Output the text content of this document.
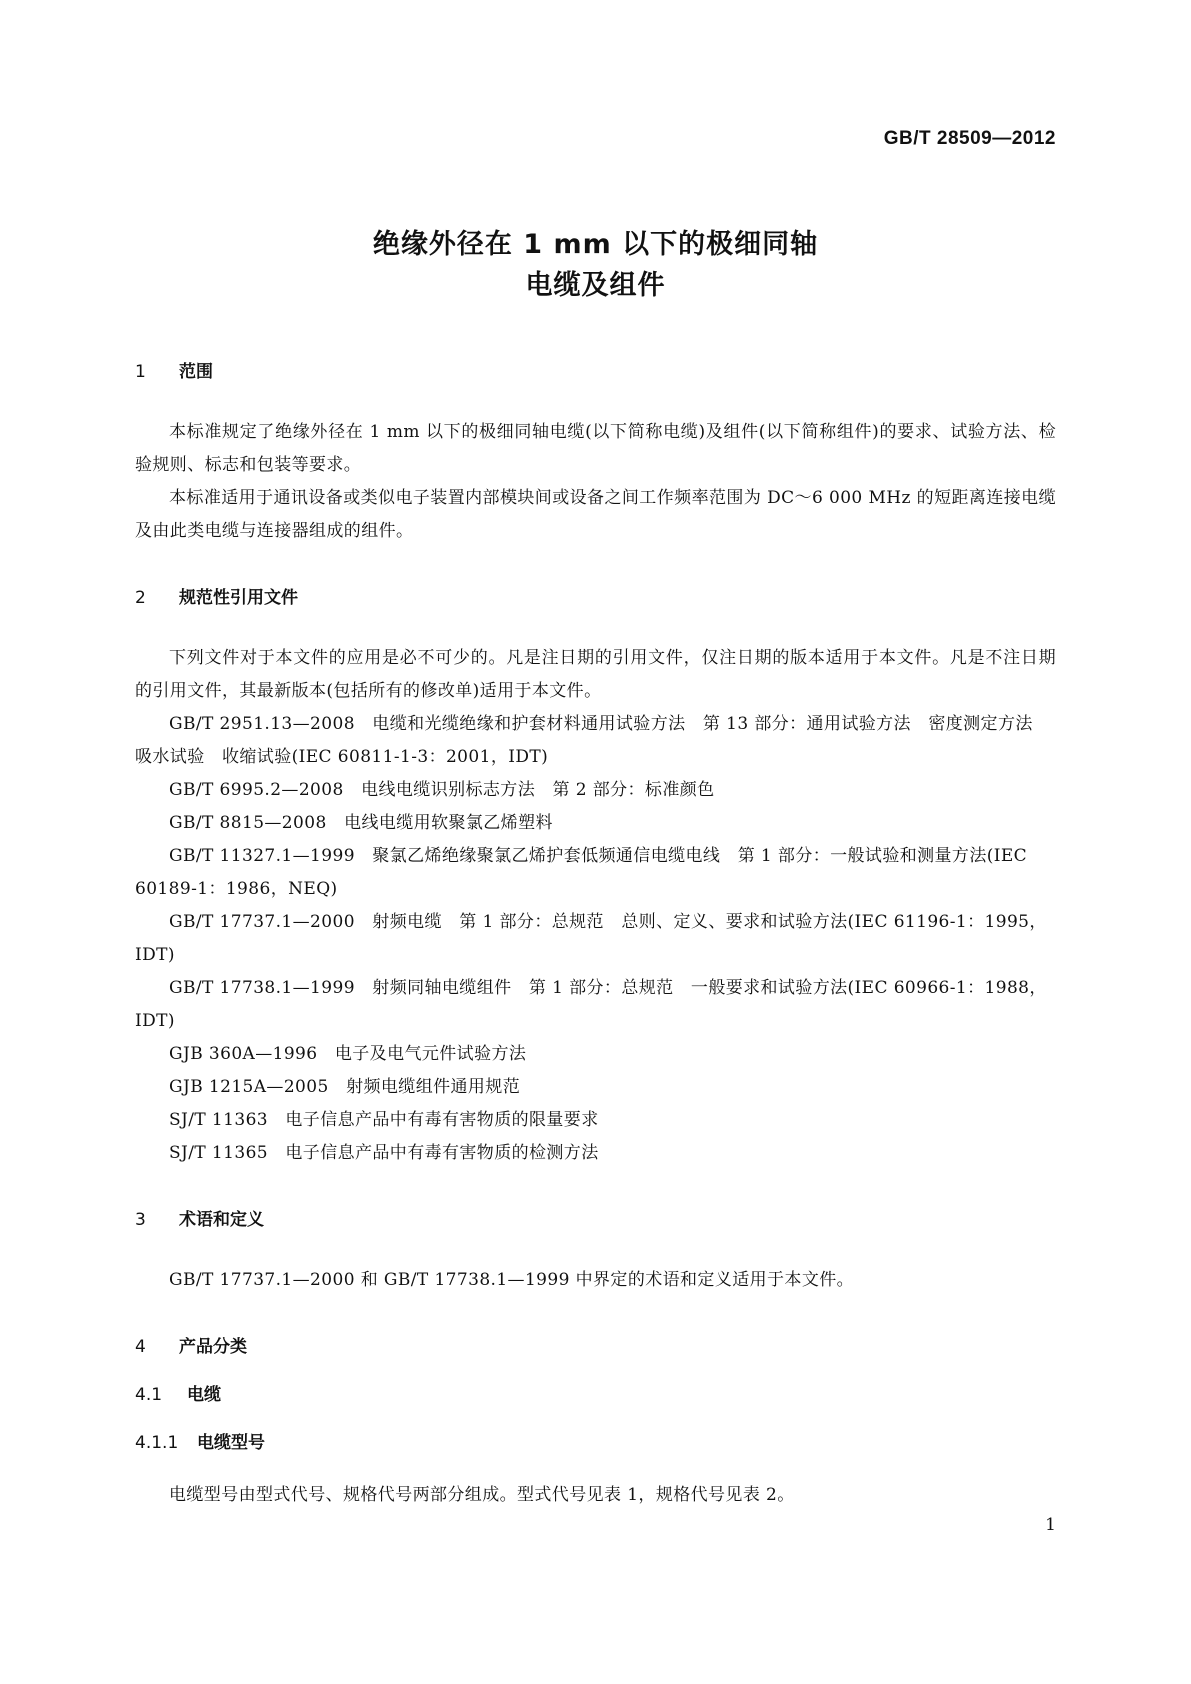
GB/T 28509—2012

绝缘外径在 1 mm 以下的极细同轴
电缆及组件
1 范围

本标准规定了绝缘外径在 1 mm 以下的极细同轴电缆(以下简称电缆)及组件(以下简称组件)的要求、试验方法、检验规则、标志和包装等要求。

本标准适用于通讯设备或类似电子装置内部模块间或设备之间工作频率范围为 DC～6 000 MHz 的短距离连接电缆及由此类电缆与连接器组成的组件。

2 规范性引用文件

下列文件对于本文件的应用是必不可少的。凡是注日期的引用文件，仅注日期的版本适用于本文件。凡是不注日期的引用文件，其最新版本(包括所有的修改单)适用于本文件。

GB/T 2951.13—2008　电缆和光缆绝缘和护套材料通用试验方法　第 13 部分：通用试验方法　密度测定方法　吸水试验　收缩试验(IEC 60811-1-3：2001，IDT)

GB/T 6995.2—2008　电线电缆识别标志方法　第 2 部分：标准颜色

GB/T 8815—2008　电线电缆用软聚氯乙烯塑料

GB/T 11327.1—1999　聚氯乙烯绝缘聚氯乙烯护套低频通信电缆电线　第 1 部分：一般试验和测量方法(IEC 60189-1：1986，NEQ)

GB/T 17737.1—2000　射频电缆　第 1 部分：总规范　总则、定义、要求和试验方法(IEC 61196-1：1995，IDT)

GB/T 17738.1—1999　射频同轴电缆组件　第 1 部分：总规范　一般要求和试验方法(IEC 60966-1：1988，IDT)

GJB 360A—1996　电子及电气元件试验方法

GJB 1215A—2005　射频电缆组件通用规范

SJ/T 11363　电子信息产品中有毒有害物质的限量要求

SJ/T 11365　电子信息产品中有毒有害物质的检测方法

3 术语和定义

GB/T 17737.1—2000 和 GB/T 17738.1—1999 中界定的术语和定义适用于本文件。

4 产品分类
4.1 电缆
4.1.1 电缆型号

电缆型号由型式代号、规格代号两部分组成。型式代号见表 1，规格代号见表 2。

1
